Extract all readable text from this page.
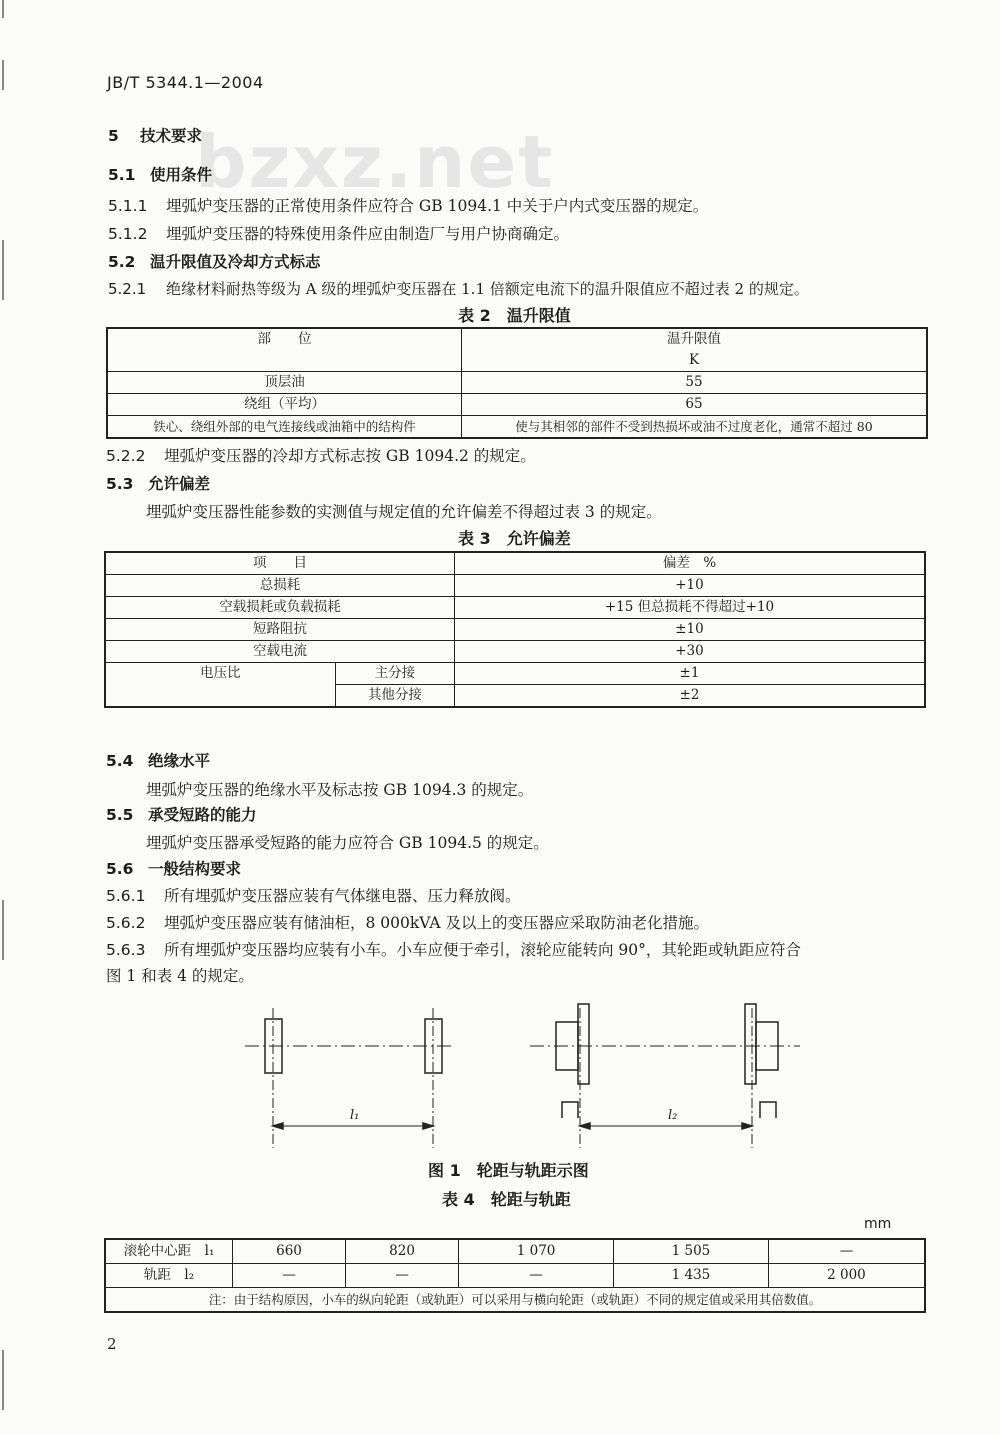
JB/T 5344.1—2004
bzxz.net
5 技术要求
5.1 使用条件
5.1.1 埋弧炉变压器的正常使用条件应符合 GB 1094.1 中关于户内式变压器的规定。
5.1.2 埋弧炉变压器的特殊使用条件应由制造厂与用户协商确定。
5.2 温升限值及冷却方式标志
5.2.1 绝缘材料耐热等级为 A 级的埋弧炉变压器在 1.1 倍额定电流下的温升限值应不超过表 2 的规定。
表 2　温升限值
部　　位	温升限值
K

顶层油	55
绕组（平均）	65
铁心、绕组外部的电气连接线或油箱中的结构件	使与其相邻的部件不受到热损坏或油不过度老化，通常不超过 80
5.2.2 埋弧炉变压器的冷却方式标志按 GB 1094.2 的规定。
5.3 允许偏差
埋弧炉变压器性能参数的实测值与规定值的允许偏差不得超过表 3 的规定。
表 3　允许偏差
项　　目		偏差　%
总损耗		+10
空载损耗或负载损耗		+15 但总损耗不得超过+10
短路阻抗		±10
空载电流		+30
电压比	主分接	±1
	其他分接	±2
5.4 绝缘水平
埋弧炉变压器的绝缘水平及标志按 GB 1094.3 的规定。
5.5 承受短路的能力
埋弧炉变压器承受短路的能力应符合 GB 1094.5 的规定。
5.6 一般结构要求
5.6.1 所有埋弧炉变压器应装有气体继电器、压力释放阀。
5.6.2 埋弧炉变压器应装有储油柜，8 000kVA 及以上的变压器应采取防油老化措施。
5.6.3 所有埋弧炉变压器均应装有小车。小车应便于牵引，滚轮应能转向 90°，其轮距或轨距应符合
图 1 和表 4 的规定。
l₁	l₂
图 1　轮距与轨距示图
表 4　轮距与轨距
mm
滚轮中心距　l₁	660	820	1 070	1 505	—
轨距　l₂	—	—	—	1 435	2 000
注：由于结构原因，小车的纵向轮距（或轨距）可以采用与横向轮距（或轨距）不同的规定值或采用其倍数值。					
2
